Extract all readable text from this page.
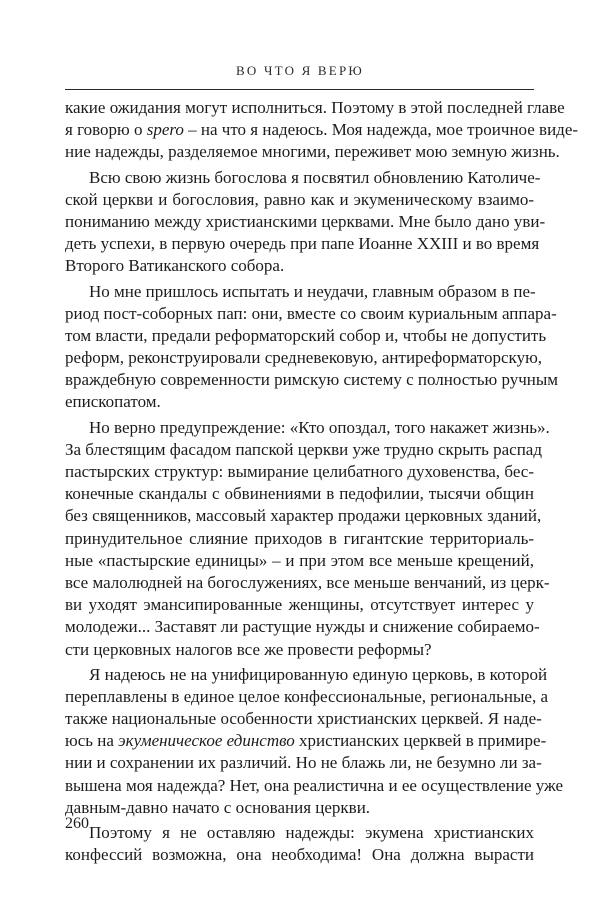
ВО ЧТО Я ВЕРЮ
какие ожидания могут исполниться. Поэтому в этой последней главе
я говорю о spero – на что я надеюсь. Моя надежда, мое троичное виде-
ние надежды, разделяемое многими, переживет мою земную жизнь.
Всю свою жизнь богослова я посвятил обновлению Католиче-
ской церкви и богословия, равно как и экуменическому взаимо-
пониманию между христианскими церквами. Мне было дано уви-
деть успехи, в первую очередь при папе Иоанне XXIII и во время
Второго Ватиканского собора.
Но мне пришлось испытать и неудачи, главным образом в пе-
риод пост-соборных пап: они, вместе со своим куриальным аппара-
том власти, предали реформаторский собор и, чтобы не допустить
реформ, реконструировали средневековую, антиреформаторскую,
враждебную современности римскую систему с полностью ручным
епископатом.
Но верно предупреждение: «Кто опоздал, того накажет жизнь».
За блестящим фасадом папской церкви уже трудно скрыть распад
пастырских структур: вымирание целибатного духовенства, бес-
конечные скандалы с обвинениями в педофилии, тысячи общин
без священников, массовый характер продажи церковных зданий,
принудительное слияние приходов в гигантские территориаль-
ные «пастырские единицы» – и при этом все меньше крещений,
все малолюдней на богослужениях, все меньше венчаний, из церк-
ви уходят эмансипированные женщины, отсутствует интерес у
молодежи... Заставят ли растущие нужды и снижение собираемо-
сти церковных налогов все же провести реформы?
Я надеюсь не на унифицированную единую церковь, в которой
переплавлены в единое целое конфессиональные, региональные, а
также национальные особенности христианских церквей. Я наде-
юсь на экуменическое единство христианских церквей в примире-
нии и сохранении их различий. Но не блажь ли, не безумно ли за-
вышена моя надежда? Нет, она реалистична и ее осуществление уже
давным-давно начато с основания церкви.
Поэтому я не оставляю надежды: экумена христианских
конфессий возможна, она необходима! Она должна вырасти
260
